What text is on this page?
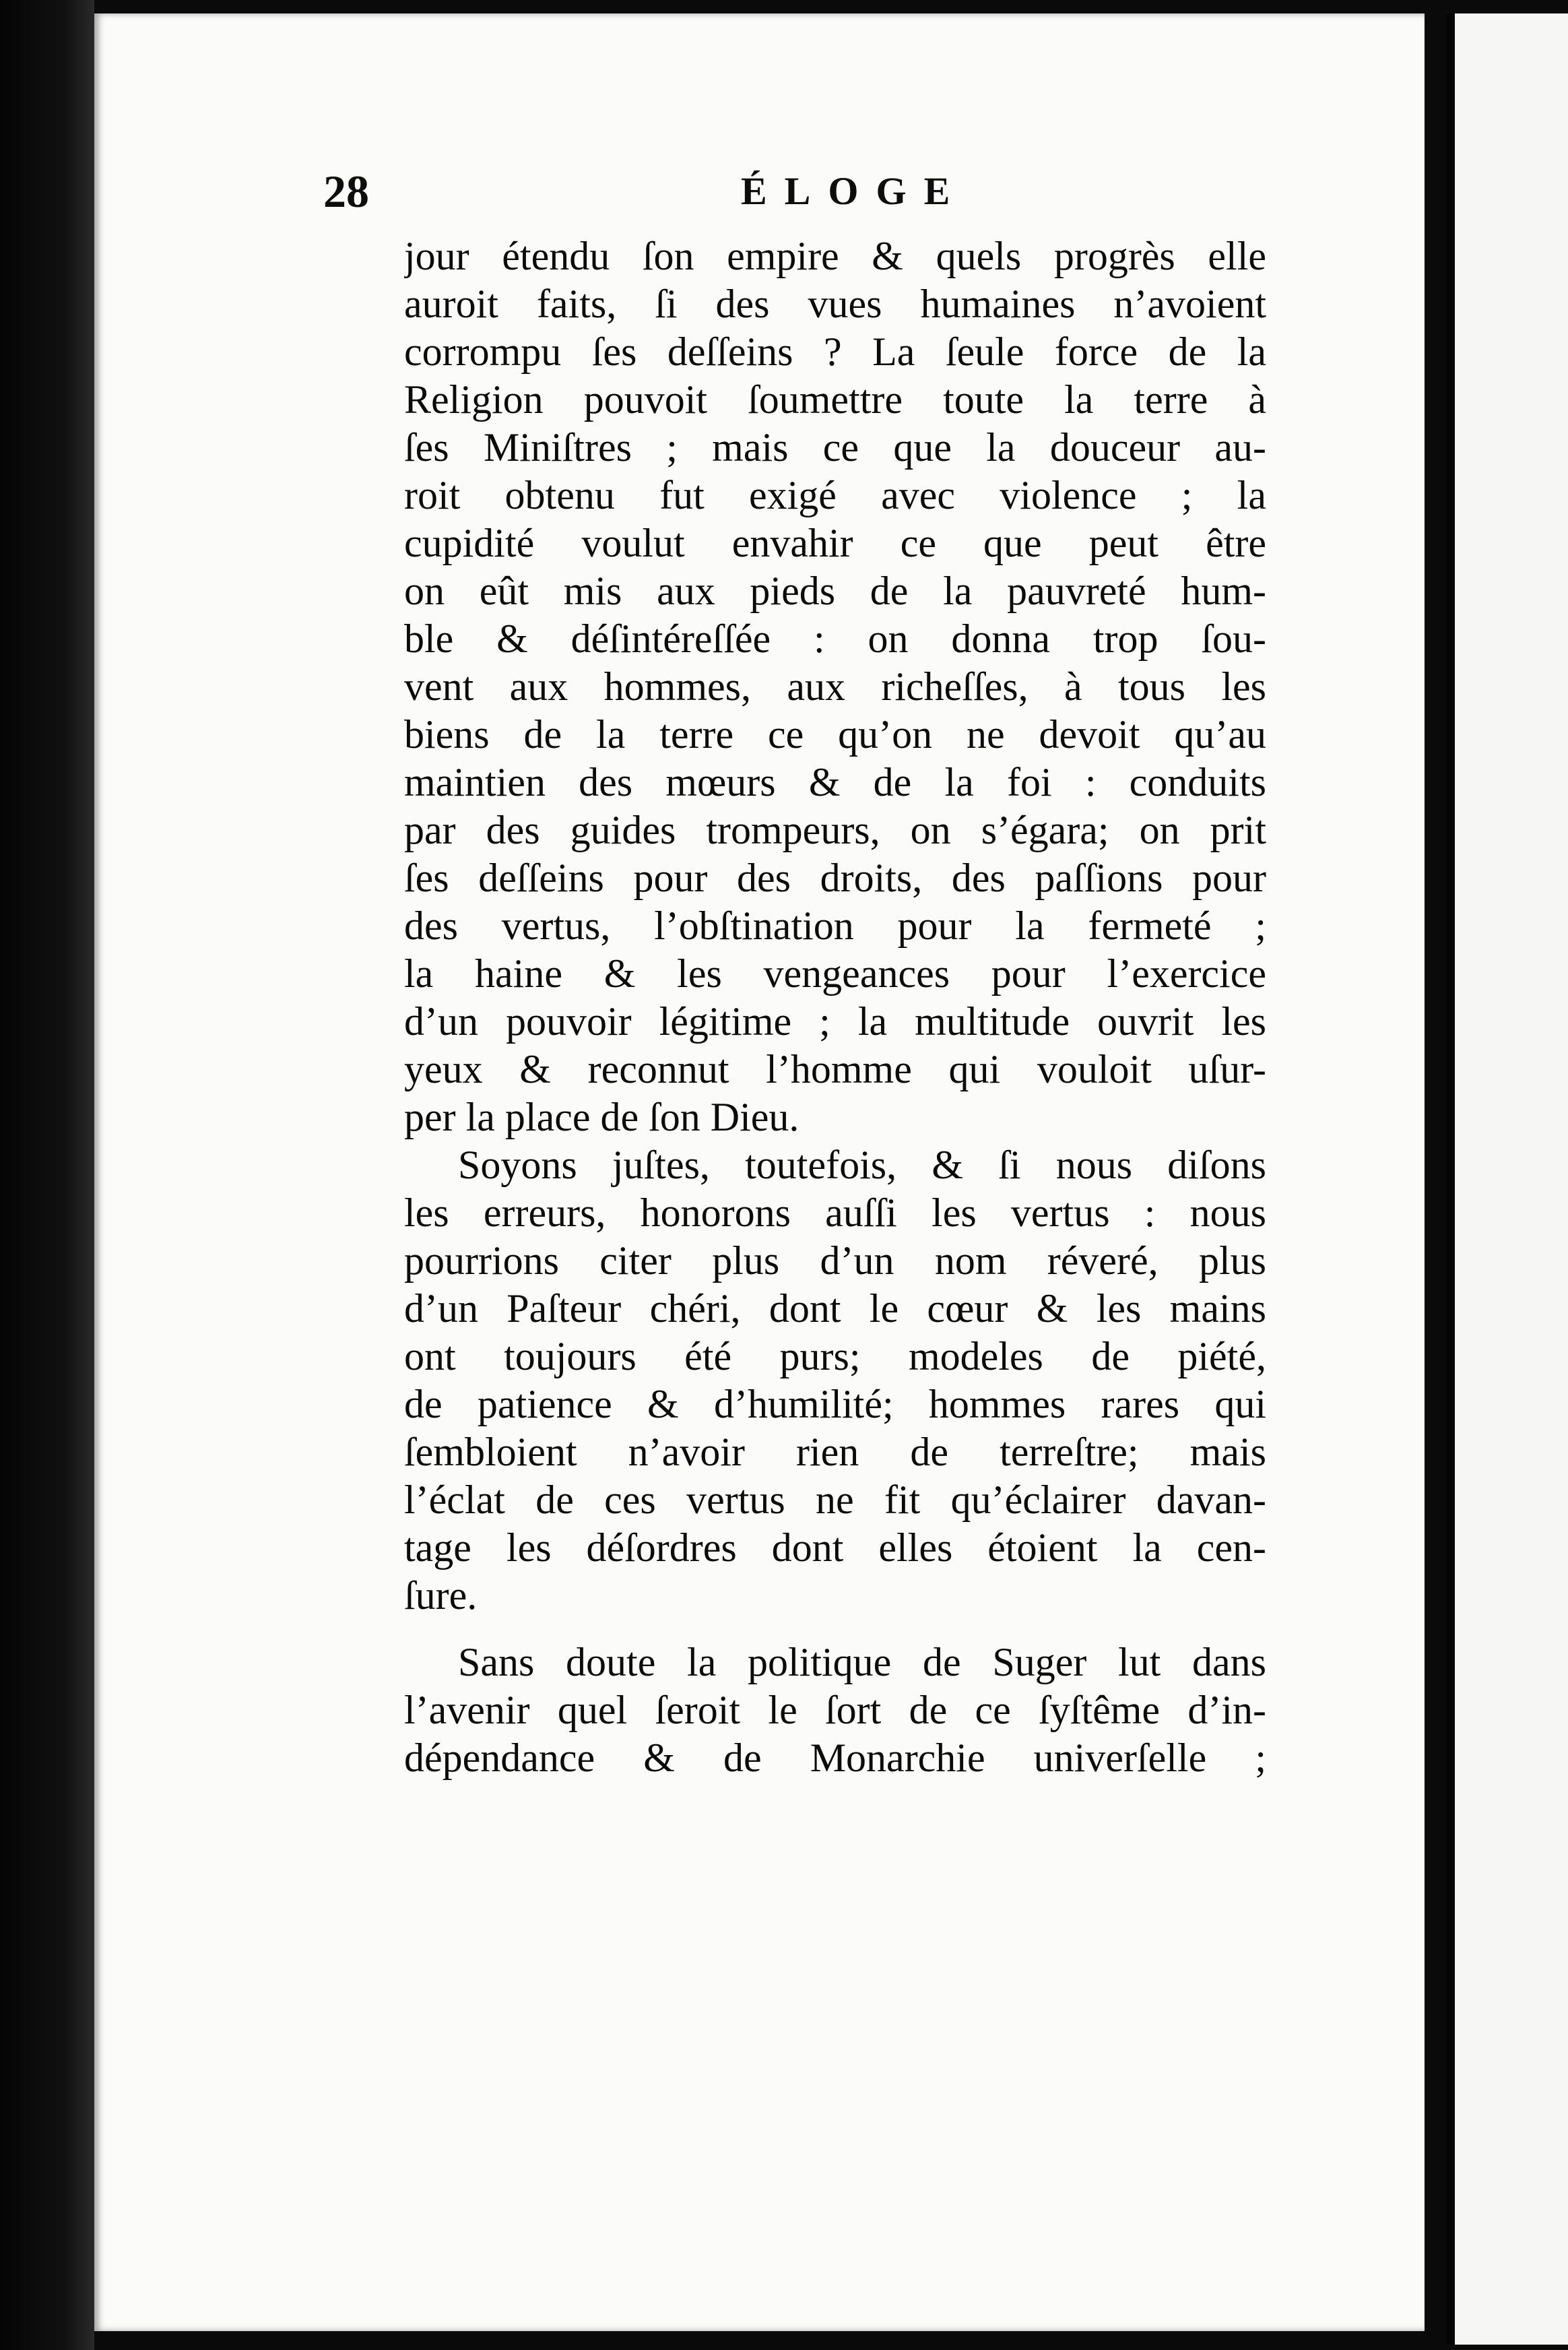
28	ÉLOGE
jour étendu ſon empire & quels progrès elle
auroit faits, ſi des vues humaines n’avoient
corrompu ſes deſſeins ? La ſeule force de la
Religion pouvoit ſoumettre toute la terre à
ſes Miniſtres ; mais ce que la douceur au-
roit obtenu fut exigé avec violence ; la
cupidité voulut envahir ce que peut être
on eût mis aux pieds de la pauvreté hum-
ble & déſintéreſſée : on donna trop ſou-
vent aux hommes, aux richeſſes, à tous les
biens de la terre ce qu’on ne devoit qu’au
maintien des mœurs & de la foi : conduits
par des guides trompeurs, on s’égara; on prit
ſes deſſeins pour des droits, des paſſions pour
des vertus, l’obſtination pour la fermeté ;
la haine & les vengeances pour l’exercice
d’un pouvoir légitime ; la multitude ouvrit les
yeux & reconnut l’homme qui vouloit uſur-
per la place de ſon Dieu.
Soyons juſtes, toutefois, & ſi nous diſons
les erreurs, honorons auſſi les vertus : nous
pourrions citer plus d’un nom réveré, plus
d’un Paſteur chéri, dont le cœur & les mains
ont toujours été purs; modeles de piété,
de patience & d’humilité; hommes rares qui
ſembloient n’avoir rien de terreſtre; mais
l’éclat de ces vertus ne fit qu’éclairer davan-
tage les déſordres dont elles étoient la cen-
ſure.
Sans doute la politique de Suger lut dans
l’avenir quel ſeroit le ſort de ce ſyſtême d’in-
dépendance & de Monarchie univerſelle ;
